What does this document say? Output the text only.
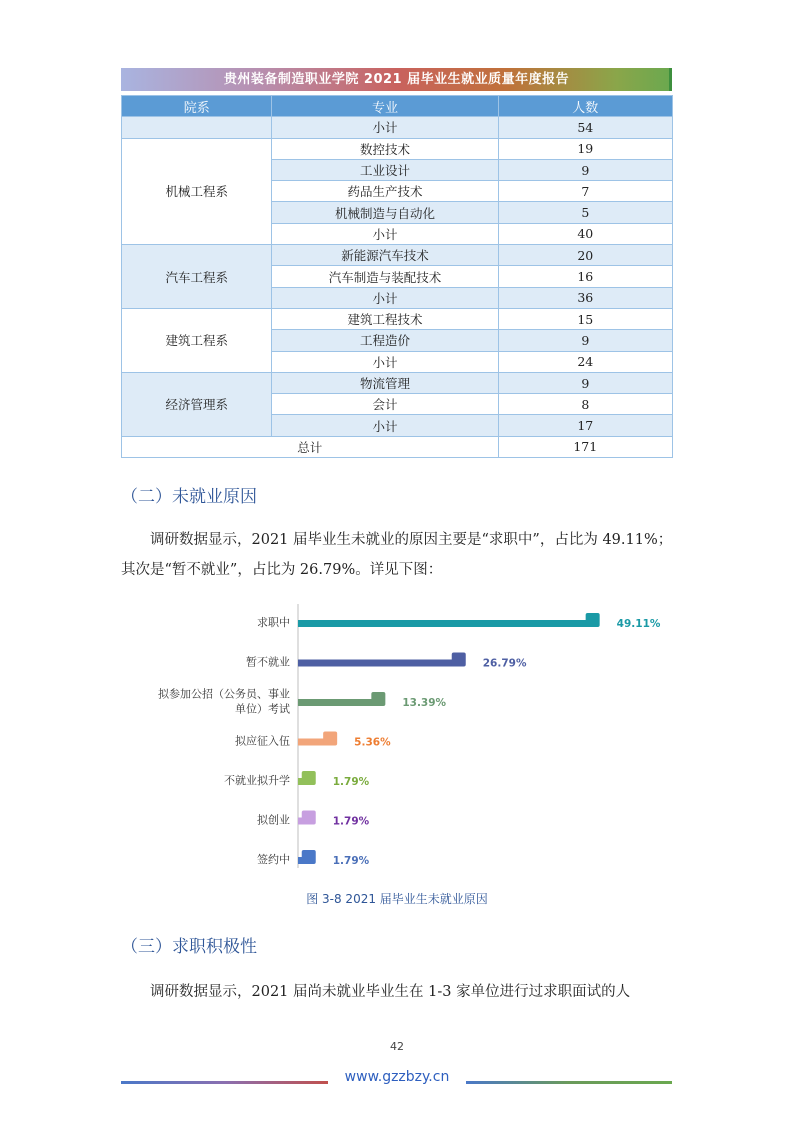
贵州装备制造职业学院 2021 届毕业生就业质量年度报告
院系	专业	人数
	小计	54
机械工程系	数控技术	19
	工业设计	9
	药品生产技术	7
	机械制造与自动化	5
	小计	40
汽车工程系	新能源汽车技术	20
	汽车制造与装配技术	16
	小计	36
建筑工程系	建筑工程技术	15
	工程造价	9
	小计	24
经济管理系	物流管理	9
	会计	8
	小计	17
总计		171
（二）未就业原因
调研数据显示，2021 届毕业生未就业的原因主要是“求职中”，占比为 49.11%；
其次是“暂不就业”，占比为 26.79%。详见下图：
求职中	49.11%
暂不就业	26.79%
拟参加公招（公务员、事业单位）考试	13.39%
拟应征入伍	5.36%
不就业拟升学	1.79%
拟创业	1.79%
签约中	1.79%
图 3-8 2021 届毕业生未就业原因
（三）求职积极性
调研数据显示，2021 届尚未就业毕业生在 1-3 家单位进行过求职面试的人
42
www.gzzbzy.cn
